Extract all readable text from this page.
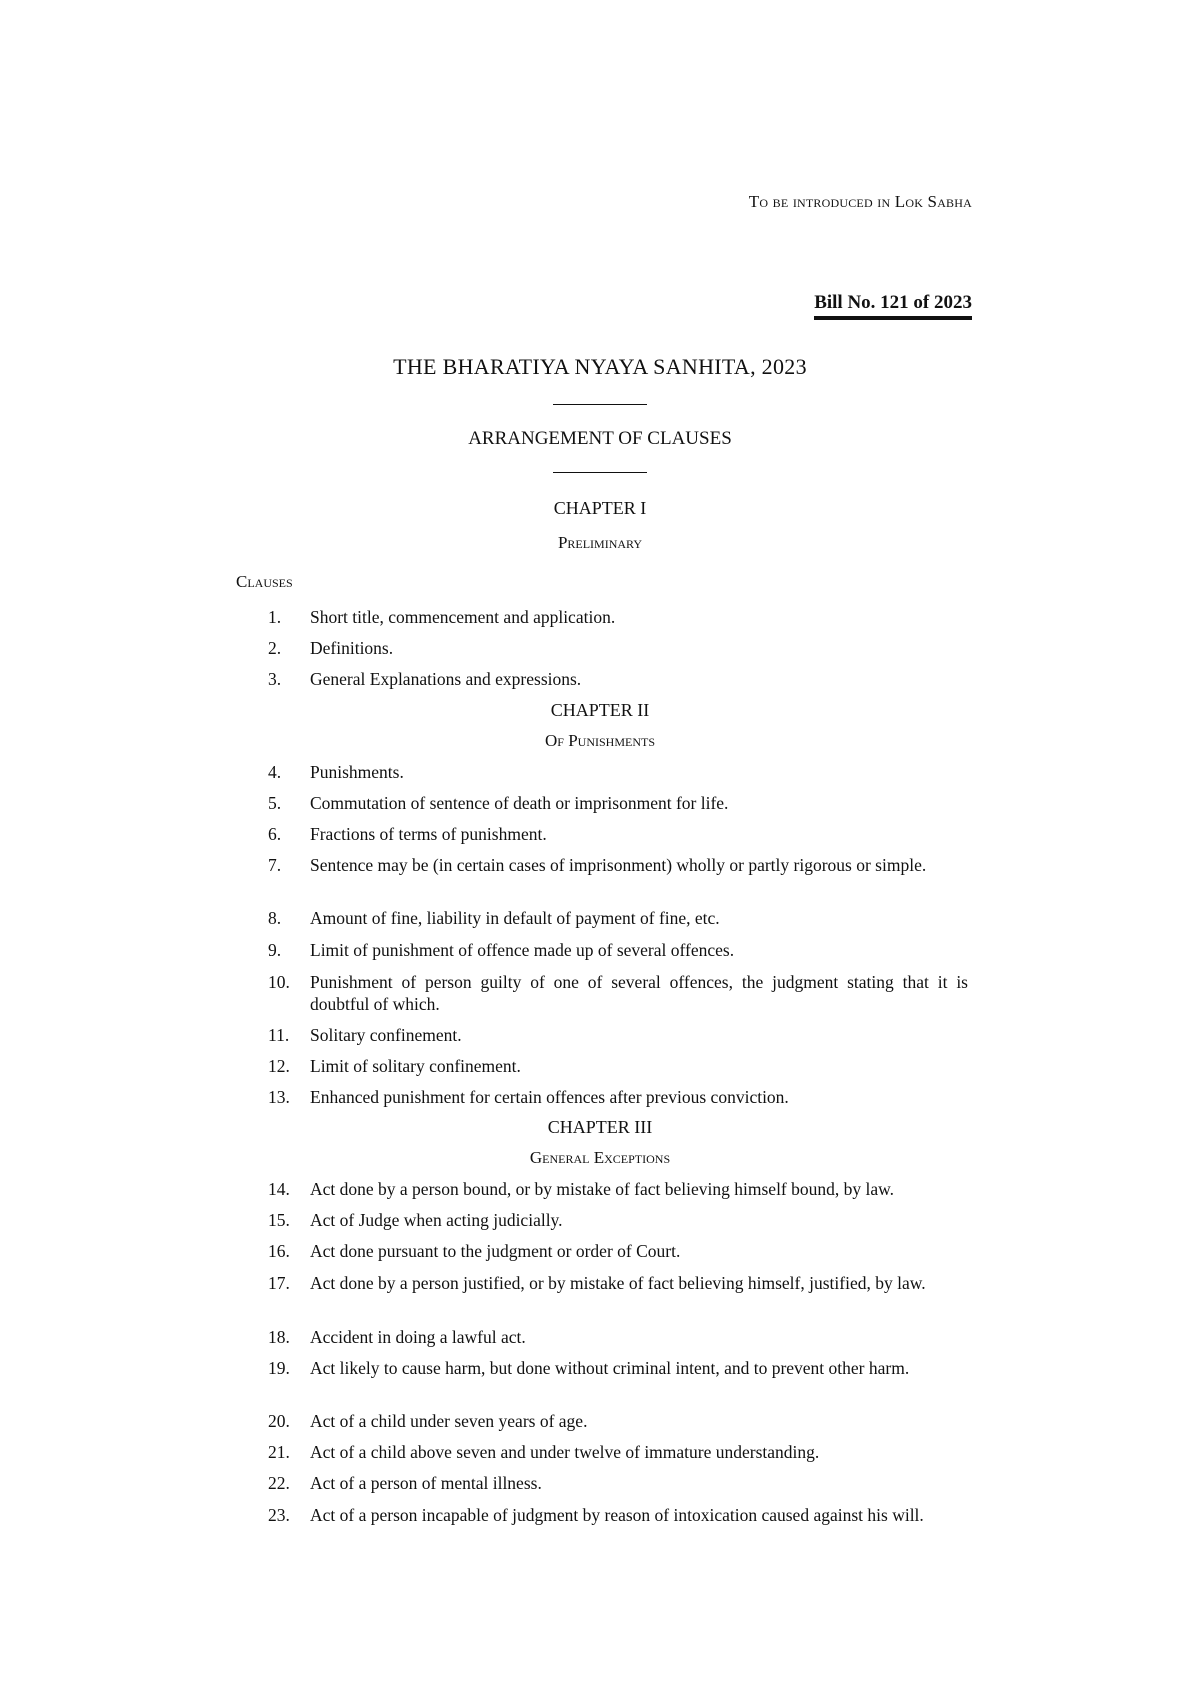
To be introduced in Lok Sabha
Bill No. 121 of 2023
THE BHARATIYA NYAYA SANHITA, 2023
ARRANGEMENT OF CLAUSES
CHAPTER I
Preliminary
Clauses
1.	Short title, commencement and application.
2.	Definitions.
3.	General Explanations and expressions.
CHAPTER II
Of Punishments
4.	Punishments.
5.	Commutation of sentence of death or imprisonment for life.
6.	Fractions of terms of punishment.
7.	Sentence may be (in certain cases of imprisonment) wholly or partly rigorous or simple.
8.	Amount of fine, liability in default of payment of fine, etc.
9.	Limit of punishment of offence made up of several offences.
10.	Punishment of person guilty of one of several offences, the judgment stating that it is doubtful of which.
11.	Solitary confinement.
12.	Limit of solitary confinement.
13.	Enhanced punishment for certain offences after previous conviction.
CHAPTER III
General Exceptions
14.	Act done by a person bound, or by mistake of fact believing himself bound, by law.
15.	Act of Judge when acting judicially.
16.	Act done pursuant to the judgment or order of Court.
17.	Act done by a person justified, or by mistake of fact believing himself, justified, by law.
18.	Accident in doing a lawful act.
19.	Act likely to cause harm, but done without criminal intent, and to prevent other harm.
20.	Act of a child under seven years of age.
21.	Act of a child above seven and under twelve of immature understanding.
22.	Act of a person of mental illness.
23.	Act of a person incapable of judgment by reason of intoxication caused against his will.
